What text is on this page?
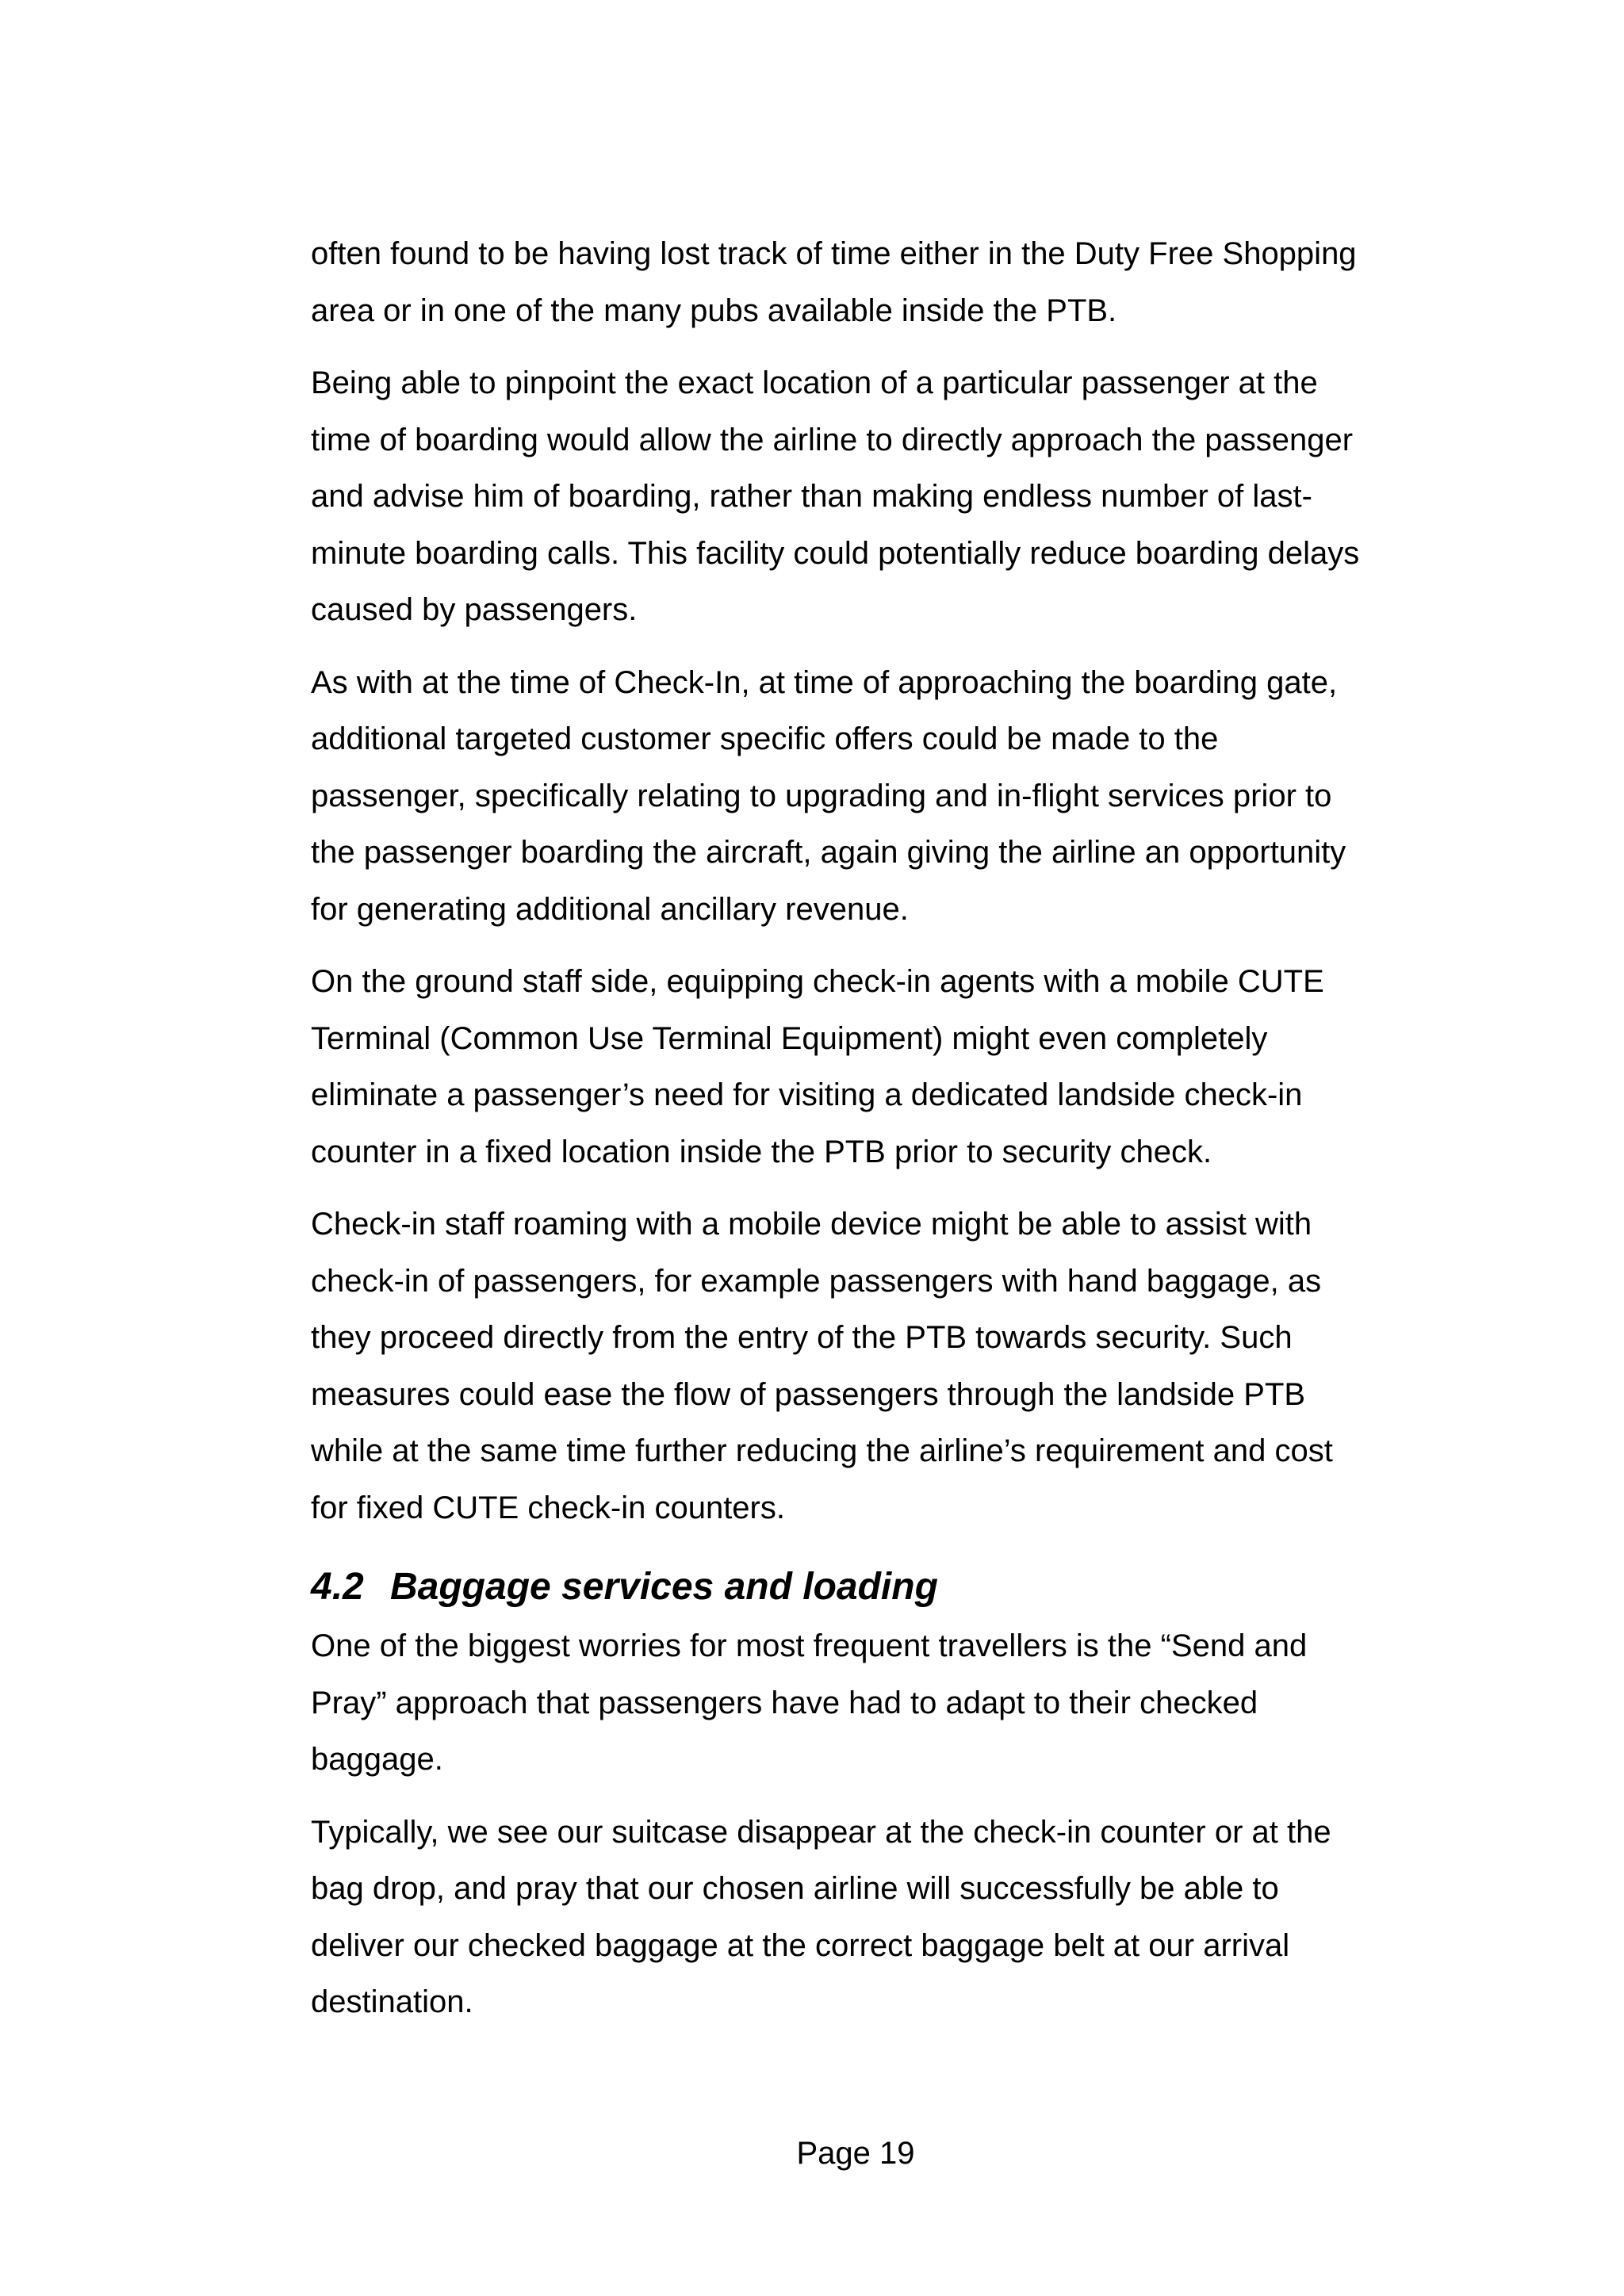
often found to be having lost track of time either in the Duty Free Shopping
area or in one of the many pubs available inside the PTB.

Being able to pinpoint the exact location of a particular passenger at the
time of boarding would allow the airline to directly approach the passenger
and advise him of boarding, rather than making endless number of last-
minute boarding calls. This facility could potentially reduce boarding delays
caused by passengers.

As with at the time of Check-In, at time of approaching the boarding gate,
additional targeted customer specific offers could be made to the
passenger, specifically relating to upgrading and in-flight services prior to
the passenger boarding the aircraft, again giving the airline an opportunity
for generating additional ancillary revenue.

On the ground staff side, equipping check-in agents with a mobile CUTE
Terminal (Common Use Terminal Equipment) might even completely
eliminate a passenger’s need for visiting a dedicated landside check-in
counter in a fixed location inside the PTB prior to security check.

Check-in staff roaming with a mobile device might be able to assist with
check-in of passengers, for example passengers with hand baggage, as
they proceed directly from the entry of the PTB towards security. Such
measures could ease the flow of passengers through the landside PTB
while at the same time further reducing the airline’s requirement and cost
for fixed CUTE check-in counters.

4.2 Baggage services and loading

One of the biggest worries for most frequent travellers is the “Send and
Pray” approach that passengers have had to adapt to their checked
baggage.

Typically, we see our suitcase disappear at the check-in counter or at the
bag drop, and pray that our chosen airline will successfully be able to
deliver our checked baggage at the correct baggage belt at our arrival
destination.

Page 19
